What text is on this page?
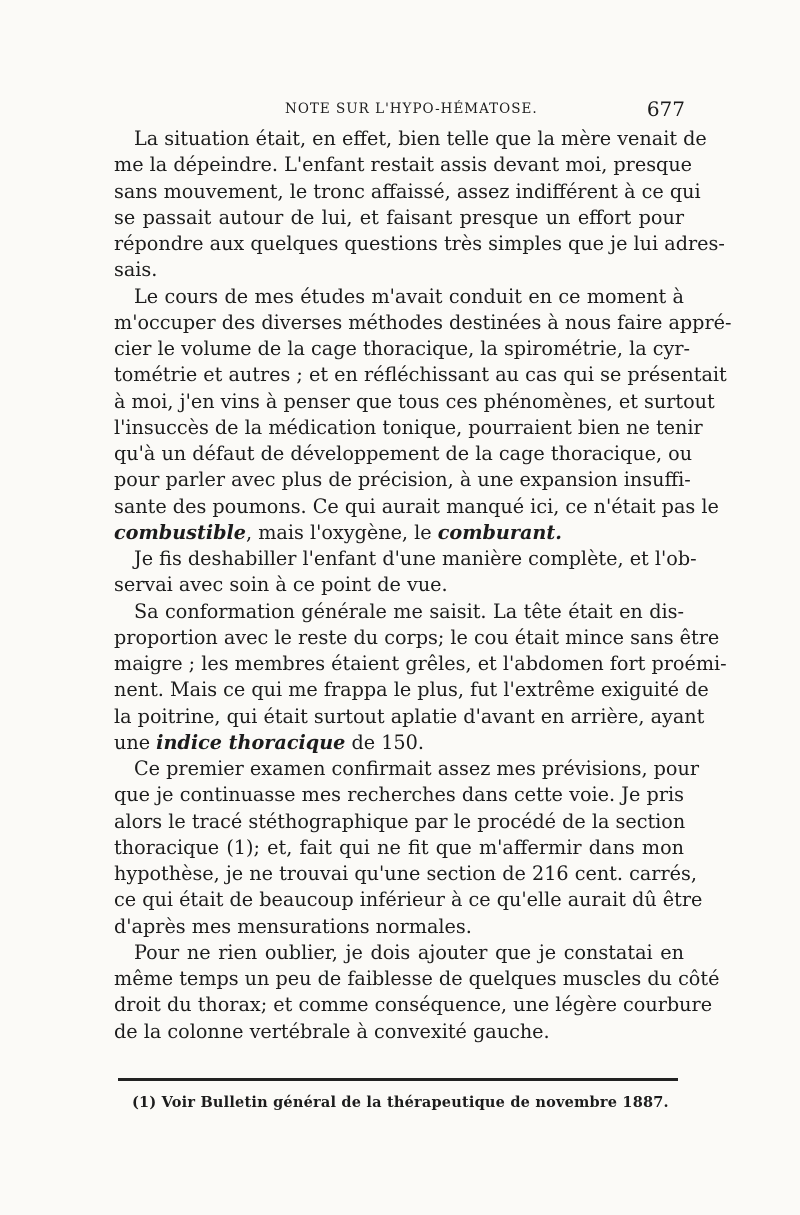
NOTE SUR L'HYPO-HÉMATOSE.	677

La situation était, en effet, bien telle que la mère venait de
me la dépeindre. L'enfant restait assis devant moi, presque
sans mouvement, le tronc affaissé, assez indifférent à ce qui
se passait autour de lui, et faisant presque un effort pour
répondre aux quelques questions très simples que je lui adres-
sais.

Le cours de mes études m'avait conduit en ce moment à
m'occuper des diverses méthodes destinées à nous faire appré-
cier le volume de la cage thoracique, la spirométrie, la cyr-
tométrie et autres ; et en réfléchissant au cas qui se présentait
à moi, j'en vins à penser que tous ces phénomènes, et surtout
l'insuccès de la médication tonique, pourraient bien ne tenir
qu'à un défaut de développement de la cage thoracique, ou
pour parler avec plus de précision, à une expansion insuffi-
sante des poumons. Ce qui aurait manqué ici, ce n'était pas le
combustible, mais l'oxygène, le comburant.

Je fis deshabiller l'enfant d'une manière complète, et l'ob-
servai avec soin à ce point de vue.

Sa conformation générale me saisit. La tête était en dis-
proportion avec le reste du corps; le cou était mince sans être
maigre ; les membres étaient grêles, et l'abdomen fort proémi-
nent. Mais ce qui me frappa le plus, fut l'extrême exiguité de
la poitrine, qui était surtout aplatie d'avant en arrière, ayant
une indice thoracique de 150.

Ce premier examen confirmait assez mes prévisions, pour
que je continuasse mes recherches dans cette voie. Je pris
alors le tracé stéthographique par le procédé de la section
thoracique (1); et, fait qui ne fit que m'affermir dans mon
hypothèse, je ne trouvai qu'une section de 216 cent. carrés,
ce qui était de beaucoup inférieur à ce qu'elle aurait dû être
d'après mes mensurations normales.

Pour ne rien oublier, je dois ajouter que je constatai en
même temps un peu de faiblesse de quelques muscles du côté
droit du thorax; et comme conséquence, une légère courbure
de la colonne vertébrale à convexité gauche.

(1) Voir Bulletin général de la thérapeutique de novembre 1887.
